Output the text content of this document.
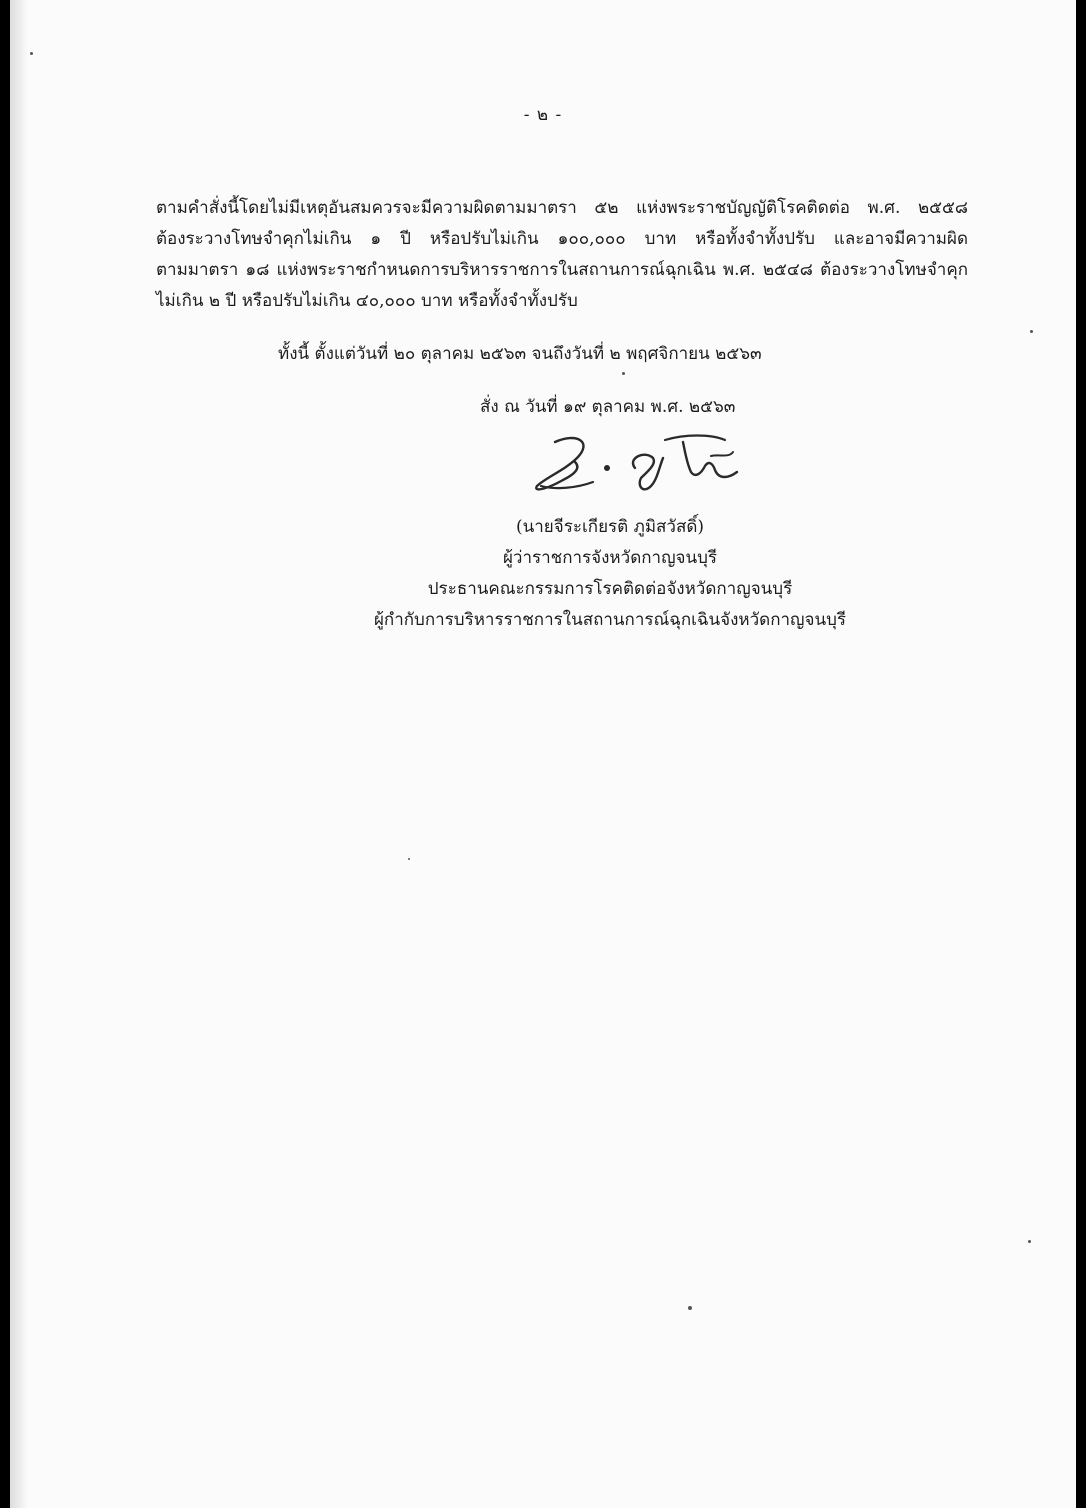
- ๒ -
ตามคำสั่งนี้โดยไม่มีเหตุอันสมควรจะมีความผิดตามมาตรา ๕๒ แห่งพระราชบัญญัติโรคติดต่อ พ.ศ. ๒๕๕๘
ต้องระวางโทษจำคุกไม่เกิน ๑ ปี หรือปรับไม่เกิน ๑๐๐,๐๐๐ บาท หรือทั้งจำทั้งปรับ และอาจมีความผิด
ตามมาตรา ๑๘ แห่งพระราชกำหนดการบริหารราชการในสถานการณ์ฉุกเฉิน พ.ศ. ๒๕๔๘ ต้องระวางโทษจำคุก
ไม่เกิน ๒ ปี หรือปรับไม่เกิน ๔๐,๐๐๐ บาท หรือทั้งจำทั้งปรับ
ทั้งนี้ ตั้งแต่วันที่ ๒๐ ตุลาคม ๒๕๖๓ จนถึงวันที่ ๒ พฤศจิกายน ๒๕๖๓
สั่ง ณ วันที่ ๑๙ ตุลาคม พ.ศ. ๒๕๖๓
(นายจีระเกียรติ ภูมิสวัสดิ์)
ผู้ว่าราชการจังหวัดกาญจนบุรี
ประธานคณะกรรมการโรคติดต่อจังหวัดกาญจนบุรี
ผู้กำกับการบริหารราชการในสถานการณ์ฉุกเฉินจังหวัดกาญจนบุรี
